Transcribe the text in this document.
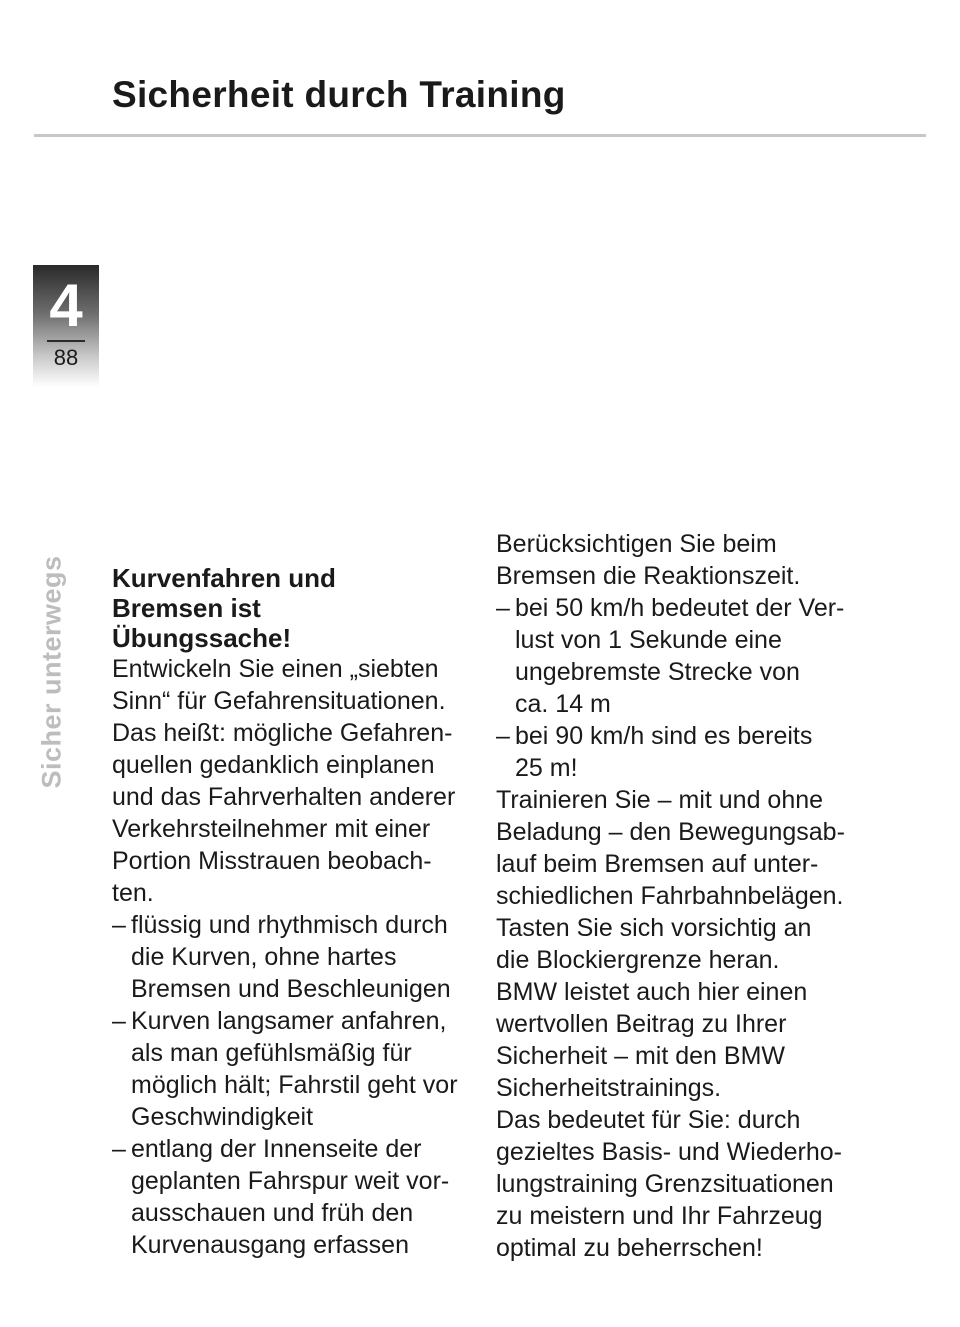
Sicherheit durch Training
4
88
Sicher unterwegs Kurvenfahren und
Bremsen ist
Übungssache!

Entwickeln Sie einen „siebten
Sinn“ für Gefahrensituationen.
Das heißt: mögliche Gefahren-
quellen gedanklich einplanen
und das Fahrverhalten anderer
Verkehrsteilnehmer mit einer
Portion Misstrauen beobach-
ten.

– flüssig und rhythmisch durch
die Kurven, ohne hartes
Bremsen und Beschleunigen
– Kurven langsamer anfahren,
als man gefühlsmäßig für
möglich hält; Fahrstil geht vor
Geschwindigkeit
– entlang der Innenseite der
geplanten Fahrspur weit vor-
ausschauen und früh den
Kurvenausgang erfassen

Berücksichtigen Sie beim
Bremsen die Reaktionszeit.

– bei 50 km/h bedeutet der Ver-
lust von 1 Sekunde eine
ungebremste Strecke von
ca. 14 m
– bei 90 km/h sind es bereits
25 m!

Trainieren Sie – mit und ohne
Beladung – den Bewegungsab-
lauf beim Bremsen auf unter-
schiedlichen Fahrbahnbelägen.
Tasten Sie sich vorsichtig an
die Blockiergrenze heran.

BMW leistet auch hier einen
wertvollen Beitrag zu Ihrer
Sicherheit – mit den BMW
Sicherheitstrainings.

Das bedeutet für Sie: durch
gezieltes Basis- und Wiederho-
lungstraining Grenzsituationen
zu meistern und Ihr Fahrzeug
optimal zu beherrschen!
